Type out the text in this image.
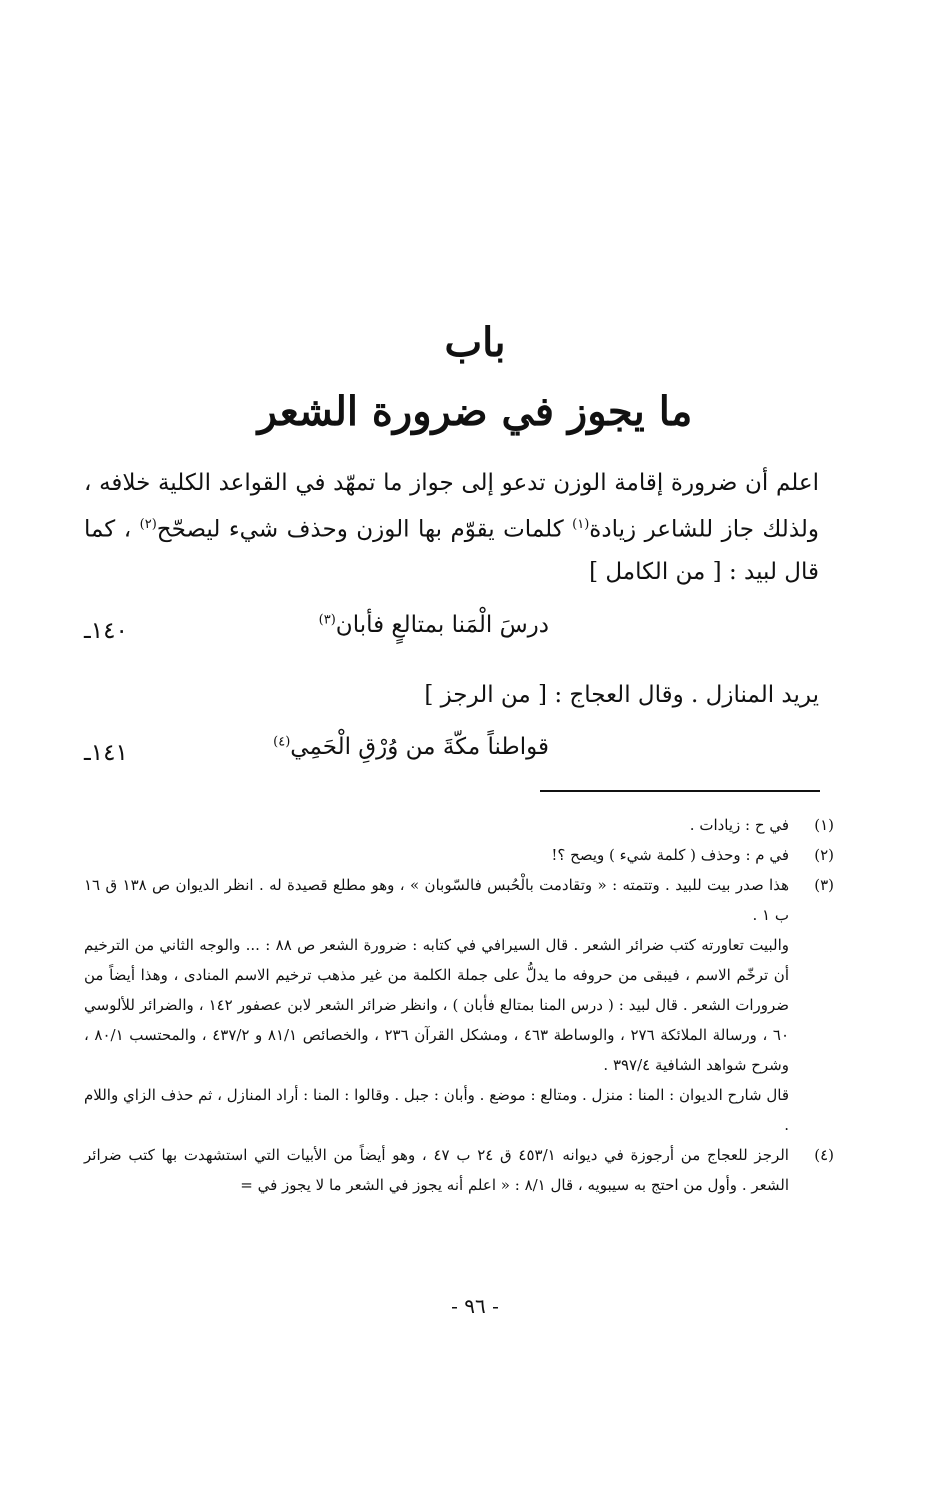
باب
ما يجوز في ضرورة الشعر

اعلم أن ضرورة إقامة الوزن تدعو إلى جواز ما تمهّد في القواعد الكلية خلافه ، ولذلك جاز للشاعر زيادة$^{(١)}$ كلمات يقوّم بها الوزن وحذف شيء ليصحّح$^{(٢)}$ ، كما قال لبيد : [ من الكامل ]

١٤٠ـ	درسَ الْمَنا بمتالعٍ فأبان$^{(٣)}$
يريد المنازل . وقال العجاج : [ من الرجز ]
١٤١ـ	قواطناً مكّةَ من وُرْقِ الْحَمِي$^{(٤)}$
(١)
في ح : زيادات .
(٢)
في م : وحذف ( كلمة شيء ) ويصح ؟!
(٣)
هذا صدر بيت للبيد . وتتمته : « وتقادمت بالْحُبس فالسّوبان » ، وهو مطلع قصيدة له . انظر الديوان ص ١٣٨ ق ١٦ ب ١ .
والبيت تعاورته كتب ضرائر الشعر . قال السيرافي في كتابه : ضرورة الشعر ص ٨٨ : ... والوجه الثاني من الترخيم أن ترخّم الاسم ، فيبقى من حروفه ما يدلُّ على جملة الكلمة من غير مذهب ترخيم الاسم المنادى ، وهذا أيضاً من ضرورات الشعر . قال لبيد : ( درس المنا بمتالع فأبان ) ، وانظر ضرائر الشعر لابن عصفور ١٤٢ ، والضرائر للألوسي ٦٠ ، ورسالة الملائكة ٢٧٦ ، والوساطة ٤٦٣ ، ومشكل القرآن ٢٣٦ ، والخصائص ٨١/١ و ٤٣٧/٢ ، والمحتسب ٨٠/١ ، وشرح شواهد الشافية ٣٩٧/٤ .
قال شارح الديوان : المنا : منزل . ومتالع : موضع . وأبان : جبل . وقالوا : المنا : أراد المنازل ، ثم حذف الزاي واللام .
(٤)
الرجز للعجاج من أرجوزة في ديوانه ٤٥٣/١ ق ٢٤ ب ٤٧ ، وهو أيضاً من الأبيات التي استشهدت بها كتب ضرائر الشعر . وأول من احتج به سيبويه ، قال ٨/١ : « اعلم أنه يجوز في الشعر ما لا يجوز في =
- ٩٦ -
